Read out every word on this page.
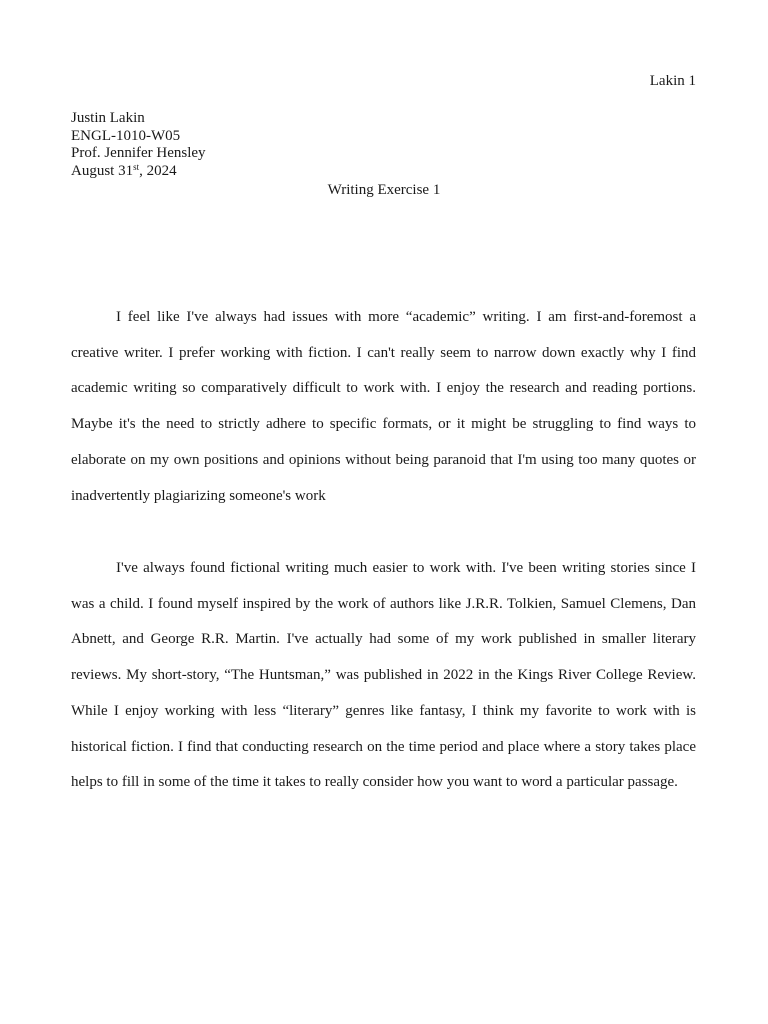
Lakin 1
Justin Lakin
ENGL-1010-W05
Prof. Jennifer Hensley
August 31st, 2024
Writing Exercise 1

I feel like I've always had issues with more “academic” writing. I am first-and-foremost a creative writer. I prefer working with fiction. I can't really seem to narrow down exactly why I find academic writing so comparatively difficult to work with. I enjoy the research and reading portions. Maybe it's the need to strictly adhere to specific formats, or it might be struggling to find ways to elaborate on my own positions and opinions without being paranoid that I'm using too many quotes or inadvertently plagiarizing someone's work

I've always found fictional writing much easier to work with. I've been writing stories since I was a child. I found myself inspired by the work of authors like J.R.R. Tolkien, Samuel Clemens, Dan Abnett, and George R.R. Martin. I've actually had some of my work published in smaller literary reviews. My short-story, “The Huntsman,” was published in 2022 in the Kings River College Review. While I enjoy working with less “literary” genres like fantasy, I think my favorite to work with is historical fiction. I find that conducting research on the time period and place where a story takes place helps to fill in some of the time it takes to really consider how you want to word a particular passage.
